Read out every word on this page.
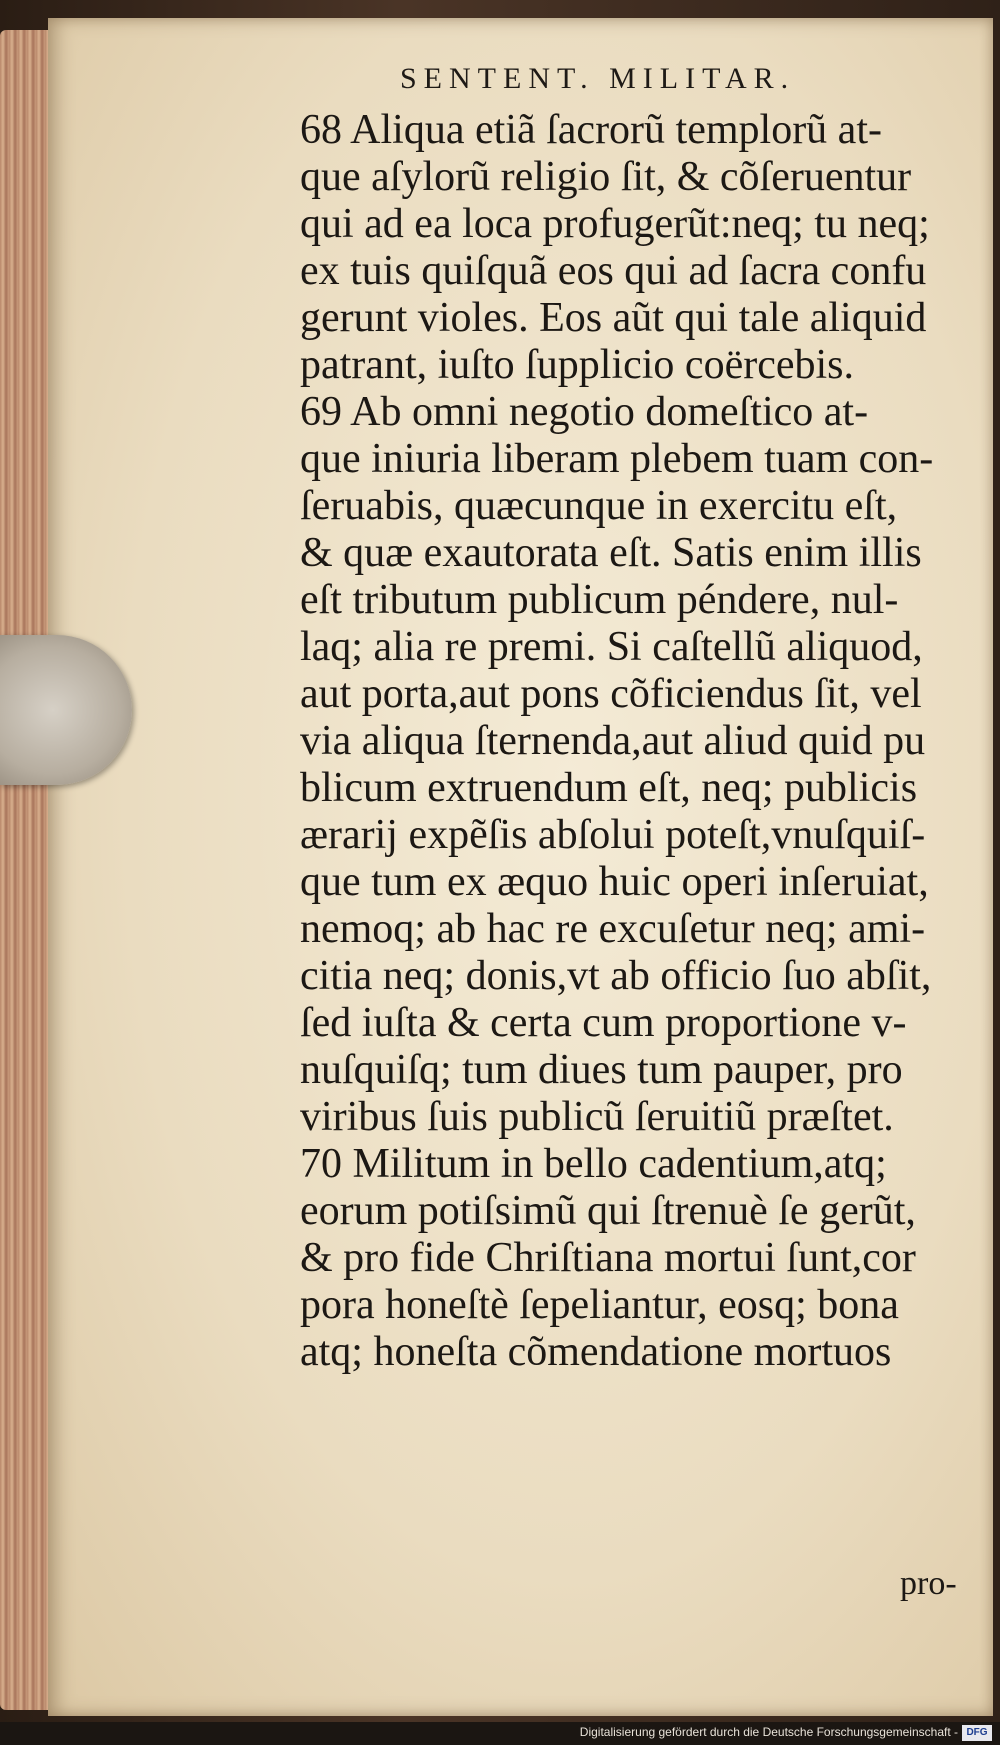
SENTENT. MILITAR.
68 Aliqua etiã ſacrorũ templorũ at-
que aſylorũ religio ſit, & cõſeruentur
qui ad ea loca profugerũt:neq; tu neq;
ex tuis quiſquã eos qui ad ſacra confu
gerunt violes. Eos aũt qui tale aliquid
patrant, iuſto ſupplicio coërcebis.
69 Ab omni negotio domeſtico at-
que iniuria liberam plebem tuam con-
ſeruabis, quæcunque in exercitu eſt,
& quæ exautorata eſt. Satis enim illis
eſt tributum publicum péndere, nul-
laq; alia re premi. Si caſtellũ aliquod,
aut porta,aut pons cõficiendus ſit, vel
via aliqua ſternenda,aut aliud quid pu
blicum extruendum eſt, neq; publicis
ærarij expẽſis abſolui poteſt,vnuſquiſ-
que tum ex æquo huic operi inſeruiat,
nemoq; ab hac re excuſetur neq; ami-
citia neq; donis,vt ab officio ſuo abſit,
ſed iuſta & certa cum proportione v-
nuſquiſq; tum diues tum pauper, pro
viribus ſuis publicũ ſeruitiũ præſtet.
70 Militum in bello cadentium,atq;
eorum potiſsimũ qui ſtrenuè ſe gerũt,
& pro fide Chriſtiana mortui ſunt,cor
pora honeſtè ſepeliantur, eosq; bona
atq; honeſta cõmendatione mortuos
pro-
Digitalisierung gefördert durch die Deutsche Forschungsgemeinschaft - DFG
